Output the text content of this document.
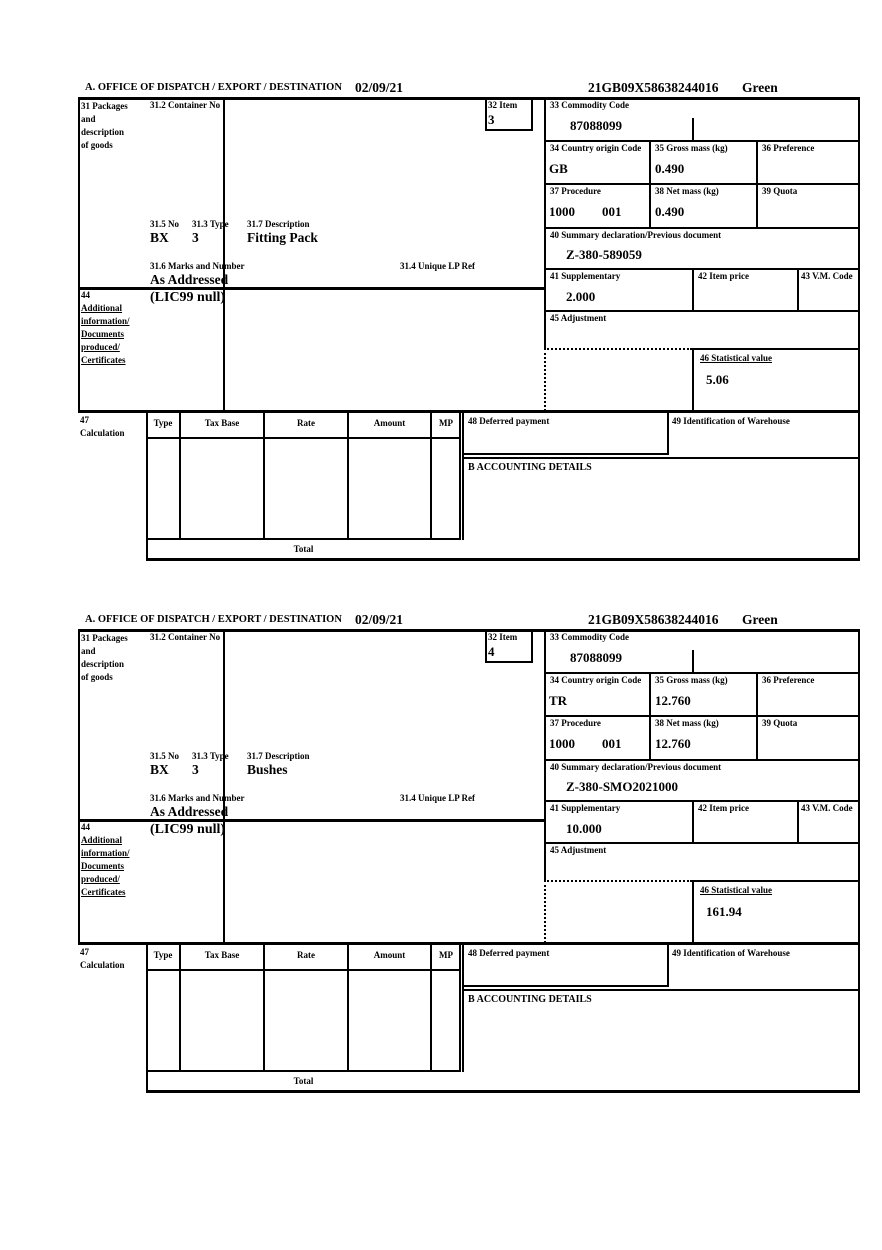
A. OFFICE OF DISPATCH / EXPORT / DESTINATION 02/09/21	21GB09X58638244016 Green
31 Packages
and
description
of goods
44
Additional
information/
Documents
produced/
Certificates
31.2 Container No	32 Item
3
31.5 No 31.3 Type 31.7 Description
BX 3	Fitting Pack
31.6 Marks and Number
As Addressed
31.4 Unique LP Ref
(LIC99 null)
33 Commodity Code
87088099
34 Country origin Code
GB
35 Gross mass (kg)
0.490
36 Preference
37 Procedure
1000 001
38 Net mass (kg)
0.490
39 Quota
40 Summary declaration/Previous document
Z-380-589059
41 Supplementary
2.000
42 Item price	43 V.M. Code
45 Adjustment
46 Statistical value
5.06
47
Calculation
Type	Tax Base	Rate	Amount	MP
Total
48 Deferred payment	49 Identification of Warehouse
B ACCOUNTING DETAILS
A. OFFICE OF DISPATCH / EXPORT / DESTINATION 02/09/21	21GB09X58638244016 Green
31 Packages
and
description
of goods
44
Additional
information/
Documents
produced/
Certificates
31.2 Container No	32 Item
4
31.5 No 31.3 Type 31.7 Description
BX 3	Bushes
31.6 Marks and Number
As Addressed
31.4 Unique LP Ref
(LIC99 null)
33 Commodity Code
87088099
34 Country origin Code
TR
35 Gross mass (kg)
12.760
36 Preference
37 Procedure
1000 001
38 Net mass (kg)
12.760
39 Quota
40 Summary declaration/Previous document
Z-380-SMO2021000
41 Supplementary
10.000
42 Item price	43 V.M. Code
45 Adjustment
46 Statistical value
161.94
47
Calculation
Type	Tax Base	Rate	Amount	MP
Total
48 Deferred payment	49 Identification of Warehouse
B ACCOUNTING DETAILS
